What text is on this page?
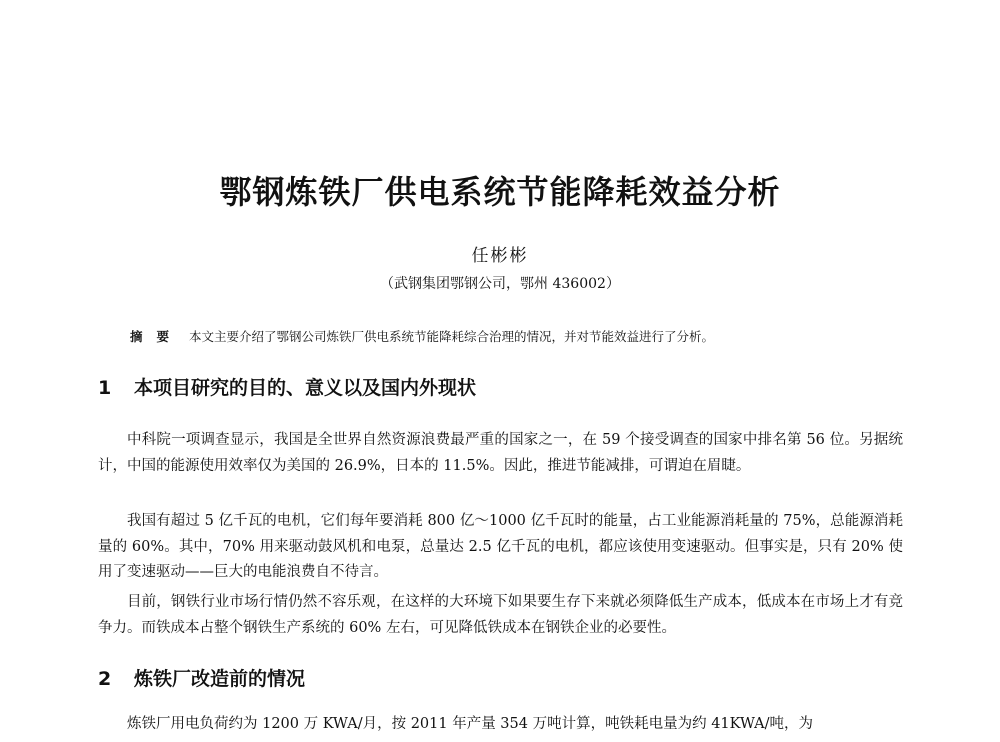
鄂钢炼铁厂供电系统节能降耗效益分析
任彬彬
（武钢集团鄂钢公司，鄂州 436002）
摘要 本文主要介绍了鄂钢公司炼铁厂供电系统节能降耗综合治理的情况，并对节能效益进行了分析。
1 本项目研究的目的、意义以及国内外现状

中科院一项调查显示，我国是全世界自然资源浪费最严重的国家之一，在 59 个接受调查的国家中排名第 56 位。另据统计，中国的能源使用效率仅为美国的 26.9%，日本的 11.5%。因此，推进节能减排，可谓迫在眉睫。

我国有超过 5 亿千瓦的电机，它们每年要消耗 800 亿～1000 亿千瓦时的能量，占工业能源消耗量的 75%，总能源消耗量的 60%。其中，70% 用来驱动鼓风机和电泵，总量达 2.5 亿千瓦的电机，都应该使用变速驱动。但事实是，只有 20% 使用了变速驱动——巨大的电能浪费自不待言。

目前，钢铁行业市场行情仍然不容乐观，在这样的大环境下如果要生存下来就必须降低生产成本，低成本在市场上才有竞争力。而铁成本占整个钢铁生产系统的 60% 左右，可见降低铁成本在钢铁企业的必要性。

2 炼铁厂改造前的情况

炼铁厂用电负荷约为 1200 万 KWA/月，按 2011 年产量 354 万吨计算，吨铁耗电量为约 41KWA/吨，为
